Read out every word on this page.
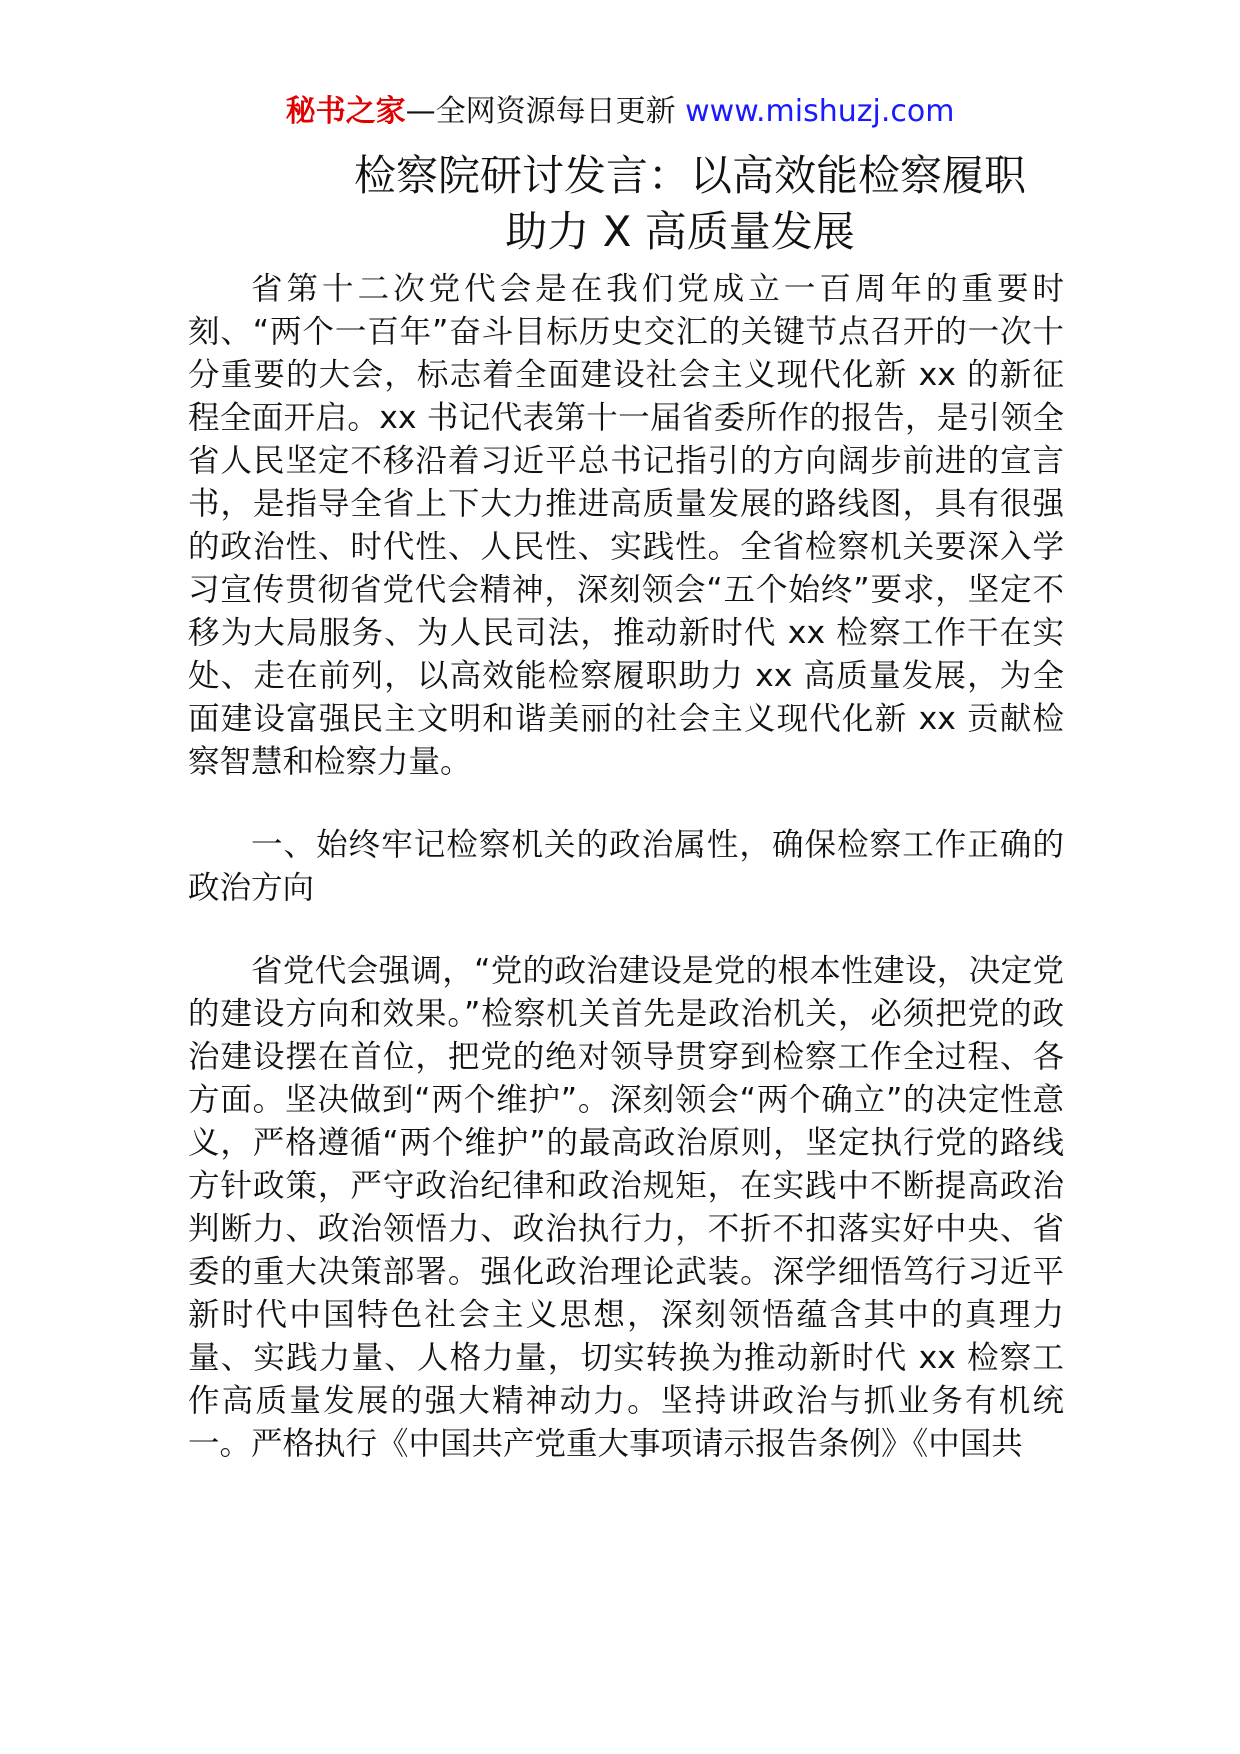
秘书之家—全网资源每日更新 www.mishuzj.com
检察院研讨发言：以高效能检察履职
助力 X 高质量发展

省第十二次党代会是在我们党成立一百周年的重要时刻、“两个一百年”奋斗目标历史交汇的关键节点召开的一次十分重要的大会，标志着全面建设社会主义现代化新 xx 的新征程全面开启。xx 书记代表第十一届省委所作的报告，是引领全省人民坚定不移沿着习近平总书记指引的方向阔步前进的宣言书，是指导全省上下大力推进高质量发展的路线图，具有很强的政治性、时代性、人民性、实践性。全省检察机关要深入学习宣传贯彻省党代会精神，深刻领会“五个始终”要求，坚定不移为大局服务、为人民司法，推动新时代 xx 检察工作干在实处、走在前列，以高效能检察履职助力 xx 高质量发展，为全面建设富强民主文明和谐美丽的社会主义现代化新 xx 贡献检察智慧和检察力量。

一、始终牢记检察机关的政治属性，确保检察工作正确的政治方向

省党代会强调，“党的政治建设是党的根本性建设，决定党的建设方向和效果。”检察机关首先是政治机关，必须把党的政治建设摆在首位，把党的绝对领导贯穿到检察工作全过程、各方面。坚决做到“两个维护”。深刻领会“两个确立”的决定性意义，严格遵循“两个维护”的最高政治原则，坚定执行党的路线方针政策，严守政治纪律和政治规矩，在实践中不断提高政治判断力、政治领悟力、政治执行力，不折不扣落实好中央、省委的重大决策部署。强化政治理论武装。深学细悟笃行习近平新时代中国特色社会主义思想，深刻领悟蕴含其中的真理力量、实践力量、人格力量，切实转换为推动新时代 xx 检察工作高质量发展的强大精神动力。坚持讲政治与抓业务有机统一。严格执行《中国共产党重大事项请示报告条例》《中国共
